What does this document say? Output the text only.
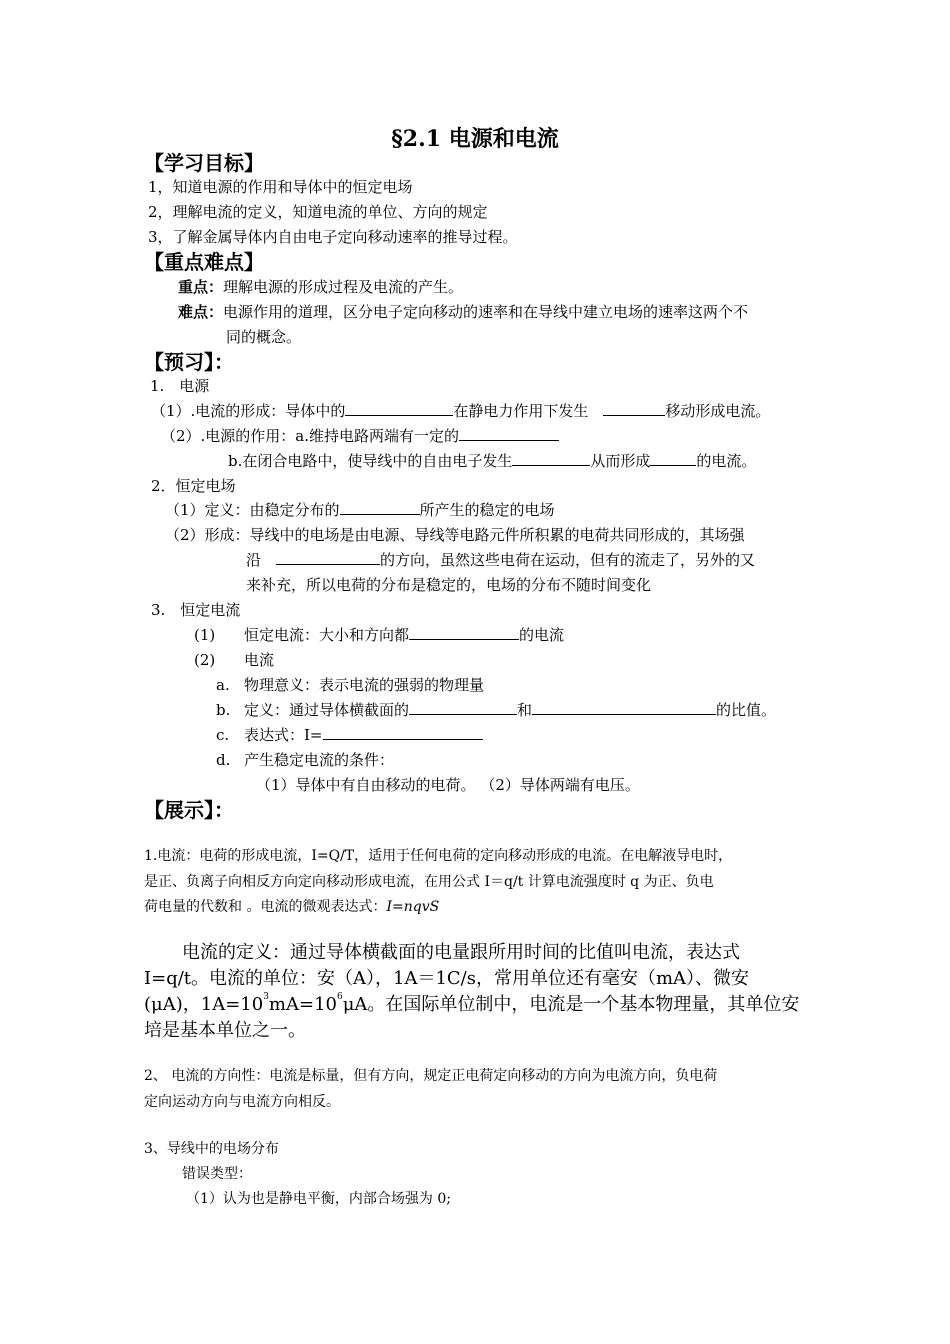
§2.1 电源和电流
【学习目标】
1，知道电源的作用和导体中的恒定电场
2，理解电流的定义，知道电流的单位、方向的规定
3，了解金属导体内自由电子定向移动速率的推导过程。
【重点难点】
重点：理解电源的形成过程及电流的产生。
难点：电源作用的道理，区分电子定向移动的速率和在导线中建立电场的速率这两个不
同的概念。
【预习】：
1.　电源
（1）.电流的形成：导体中的	在静电力作用下发生　	移动形成电流。
（2）.电源的作用：a.维持电路两端有一定的
b.在闭合电路中，使导线中的自由电子发生	从而形成	的电流。
2．恒定电场
（1）定义：由稳定分布的	所产生的稳定的电场
（2）形成：导线中的电场是由电源、导线等电路元件所积累的电荷共同形成的，其场强
沿　	的方向，虽然这些电荷在运动，但有的流走了，另外的又
来补充，所以电荷的分布是稳定的，电场的分布不随时间变化
3.　恒定电流
(1) 恒定电流：大小和方向都	的电流
(2) 电流
a. 物理意义：表示电流的强弱的物理量
b. 定义：通过导体横截面的	和	的比值。
c. 表达式：I=
d. 产生稳定电流的条件：
（1）导体中有自由移动的电荷。 （2）导体两端有电压。
【展示】：
1.电流：电荷的形成电流，I=Q/T，适用于任何电荷的定向移动形成的电流。在电解液导电时，
是正、负离子向相反方向定向移动形成电流，在用公式 I＝q/t 计算电流强度时 q 为正、负电
荷电量的代数和 。电流的微观表达式：I=nqvS
电流的定义：通过导体横截面的电量跟所用时间的比值叫电流，表达式
I=q/t。电流的单位：安（A），1A＝1C/s，常用单位还有毫安（mA）、微安
(μA)，$1A=10^3mA=10^6\mu A$。在国际单位制中，电流是一个基本物理量，其单位安
培是基本单位之一。
2、 电流的方向性：电流是标量，但有方向，规定正电荷定向移动的方向为电流方向，负电荷
定向运动方向与电流方向相反。
3、导线中的电场分布
错误类型：
（1）认为也是静电平衡，内部合场强为 0;
